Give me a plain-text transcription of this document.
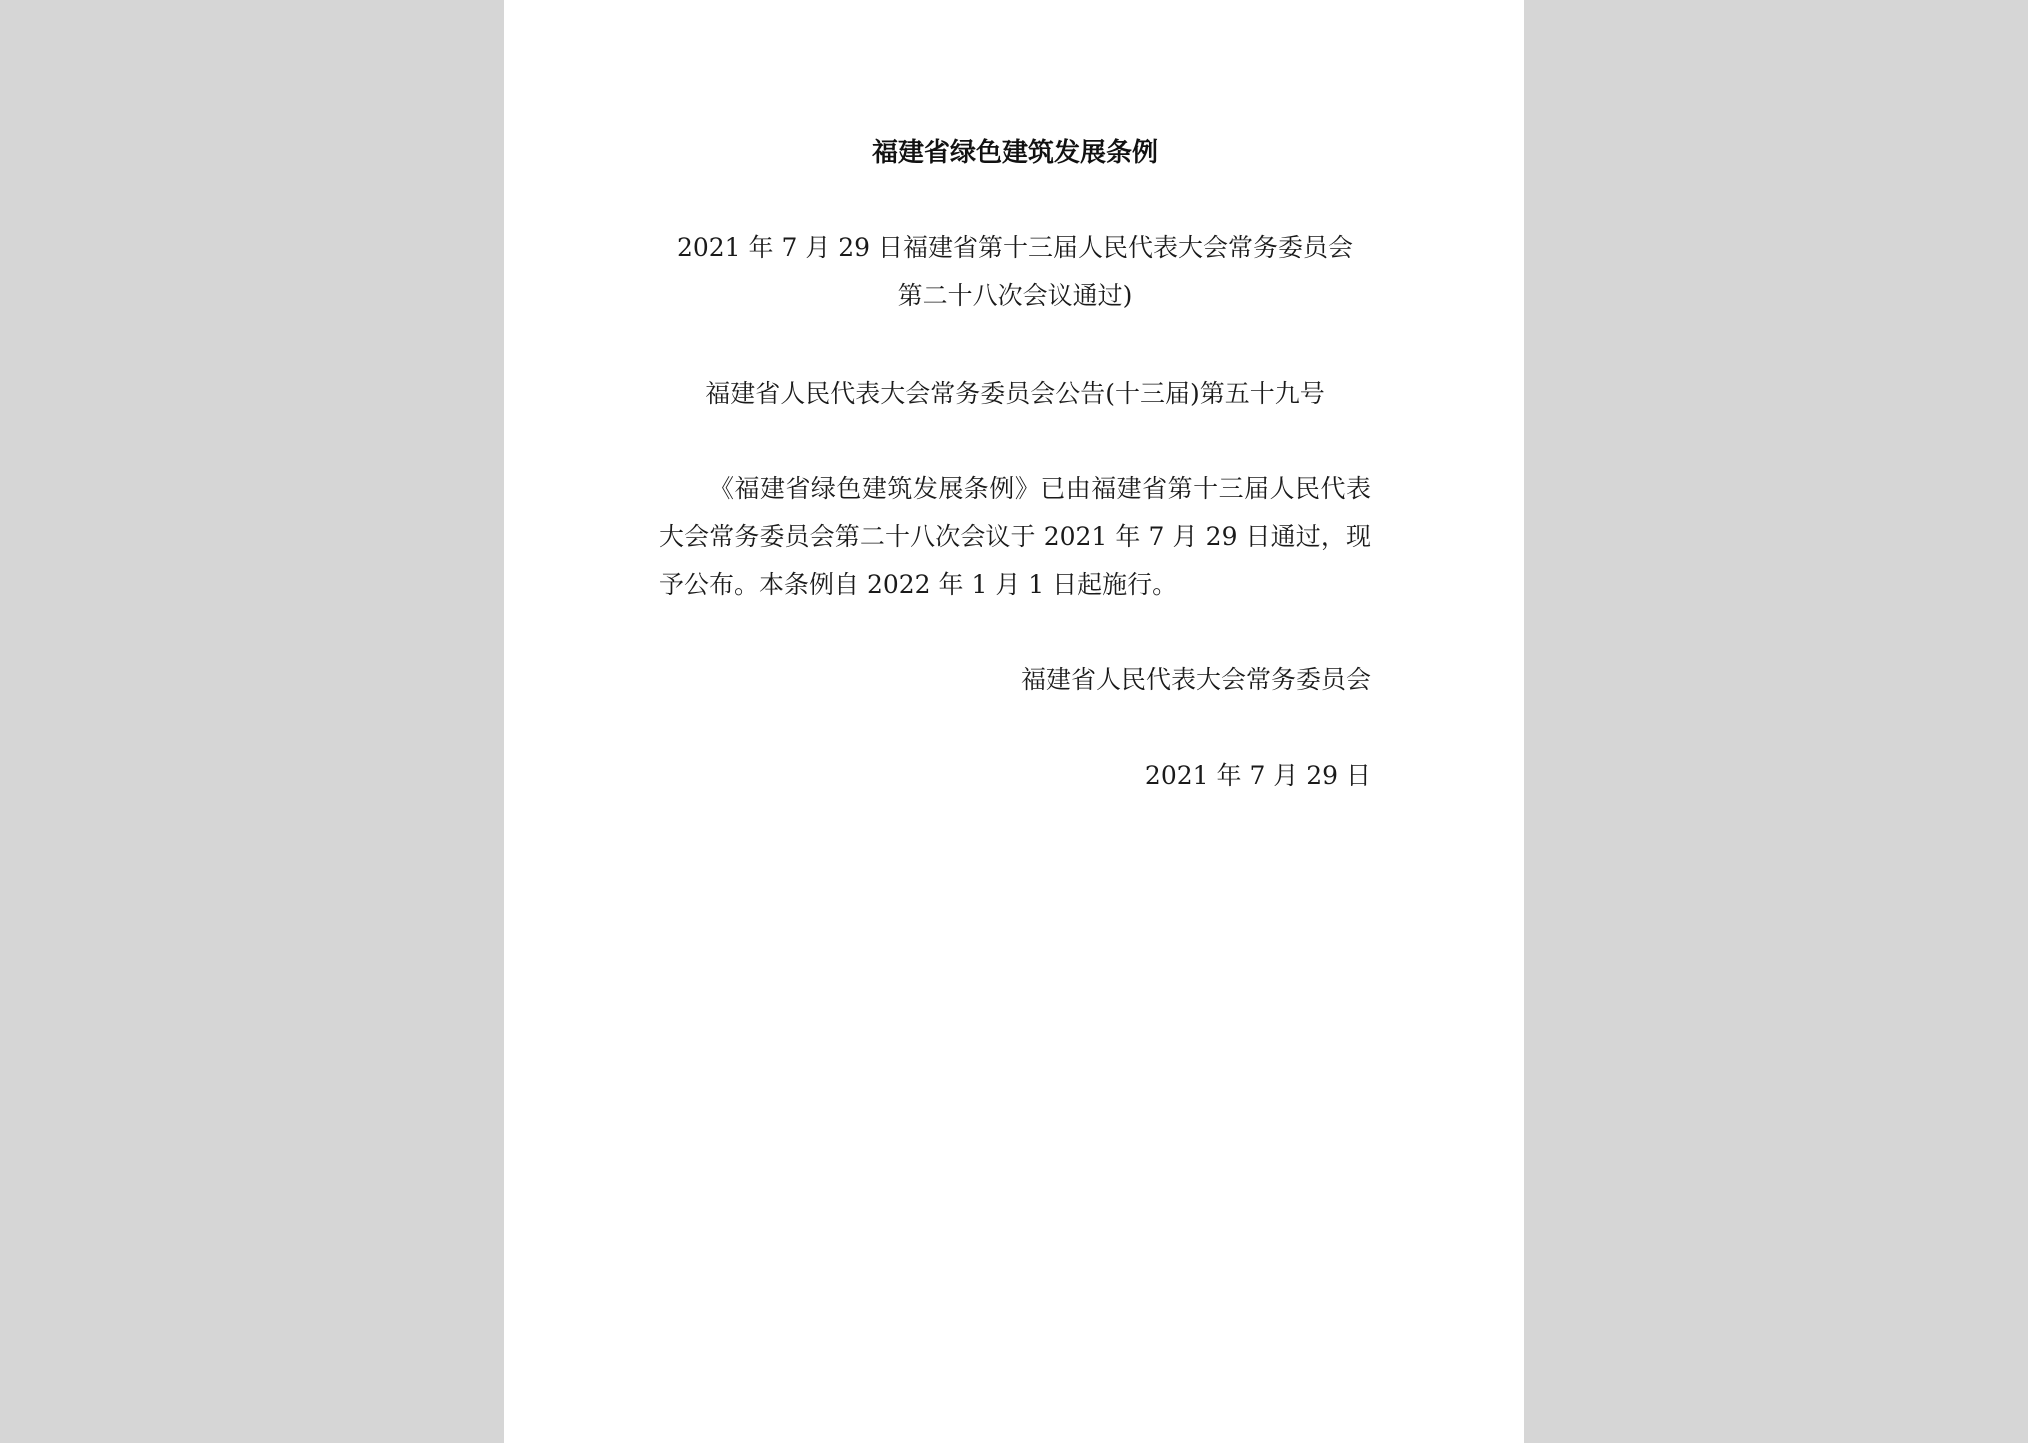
福建省绿色建筑发展条例
2021 年 7 月 29 日福建省第十三届人民代表大会常务委员会
第二十八次会议通过)
福建省人民代表大会常务委员会公告(十三届)第五十九号
《福建省绿色建筑发展条例》已由福建省第十三届人民代表大会常务委员会第二十八次会议于 2021 年 7 月 29 日通过，现予公布。本条例自 2022 年 1 月 1 日起施行。
福建省人民代表大会常务委员会
2021 年 7 月 29 日
